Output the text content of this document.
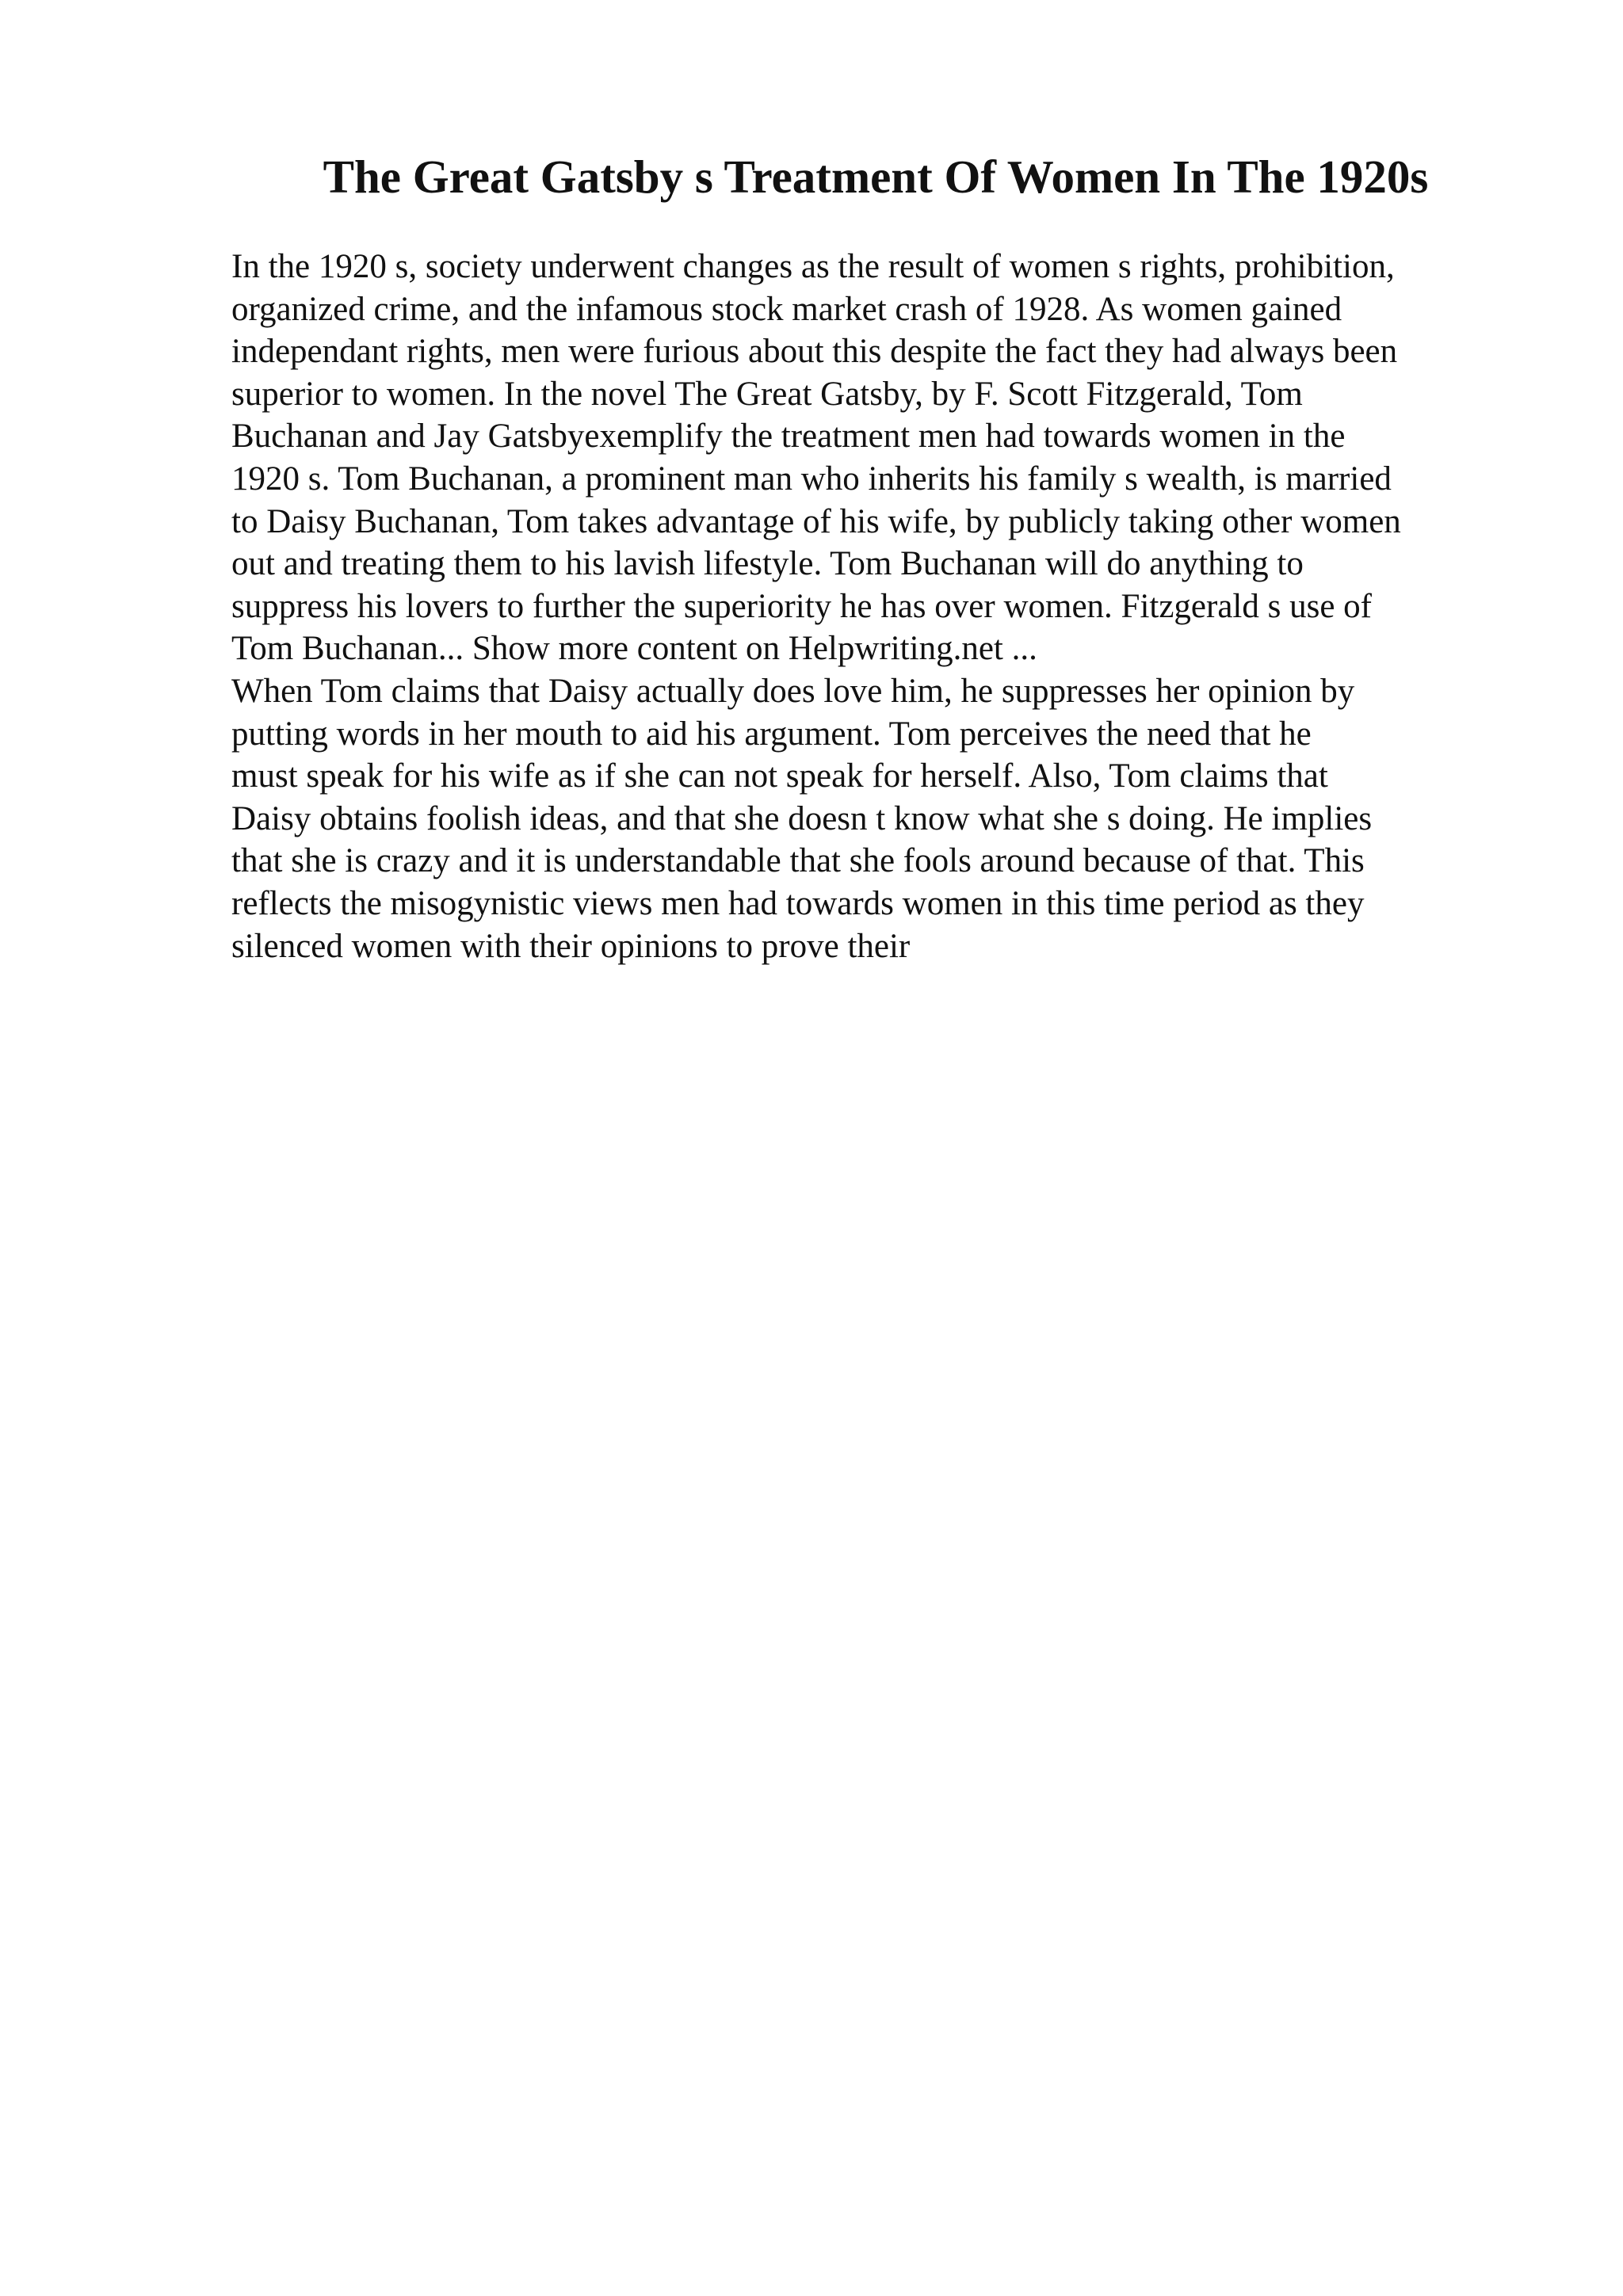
The Great Gatsby s Treatment Of Women In The 1920s
In the 1920 s, society underwent changes as the result of women s rights, prohibition,
organized crime, and the infamous stock market crash of 1928. As women gained
independant rights, men were furious about this despite the fact they had always been
superior to women. In the novel The Great Gatsby, by F. Scott Fitzgerald, Tom
Buchanan and Jay Gatsbyexemplify the treatment men had towards women in the
1920 s. Tom Buchanan, a prominent man who inherits his family s wealth, is married
to Daisy Buchanan, Tom takes advantage of his wife, by publicly taking other women
out and treating them to his lavish lifestyle. Tom Buchanan will do anything to
suppress his lovers to further the superiority he has over women. Fitzgerald s use of
Tom Buchanan... Show more content on Helpwriting.net ...
When Tom claims that Daisy actually does love him, he suppresses her opinion by
putting words in her mouth to aid his argument. Tom perceives the need that he
must speak for his wife as if she can not speak for herself. Also, Tom claims that
Daisy obtains foolish ideas, and that she doesn t know what she s doing. He implies
that she is crazy and it is understandable that she fools around because of that. This
reflects the misogynistic views men had towards women in this time period as they
silenced women with their opinions to prove their
